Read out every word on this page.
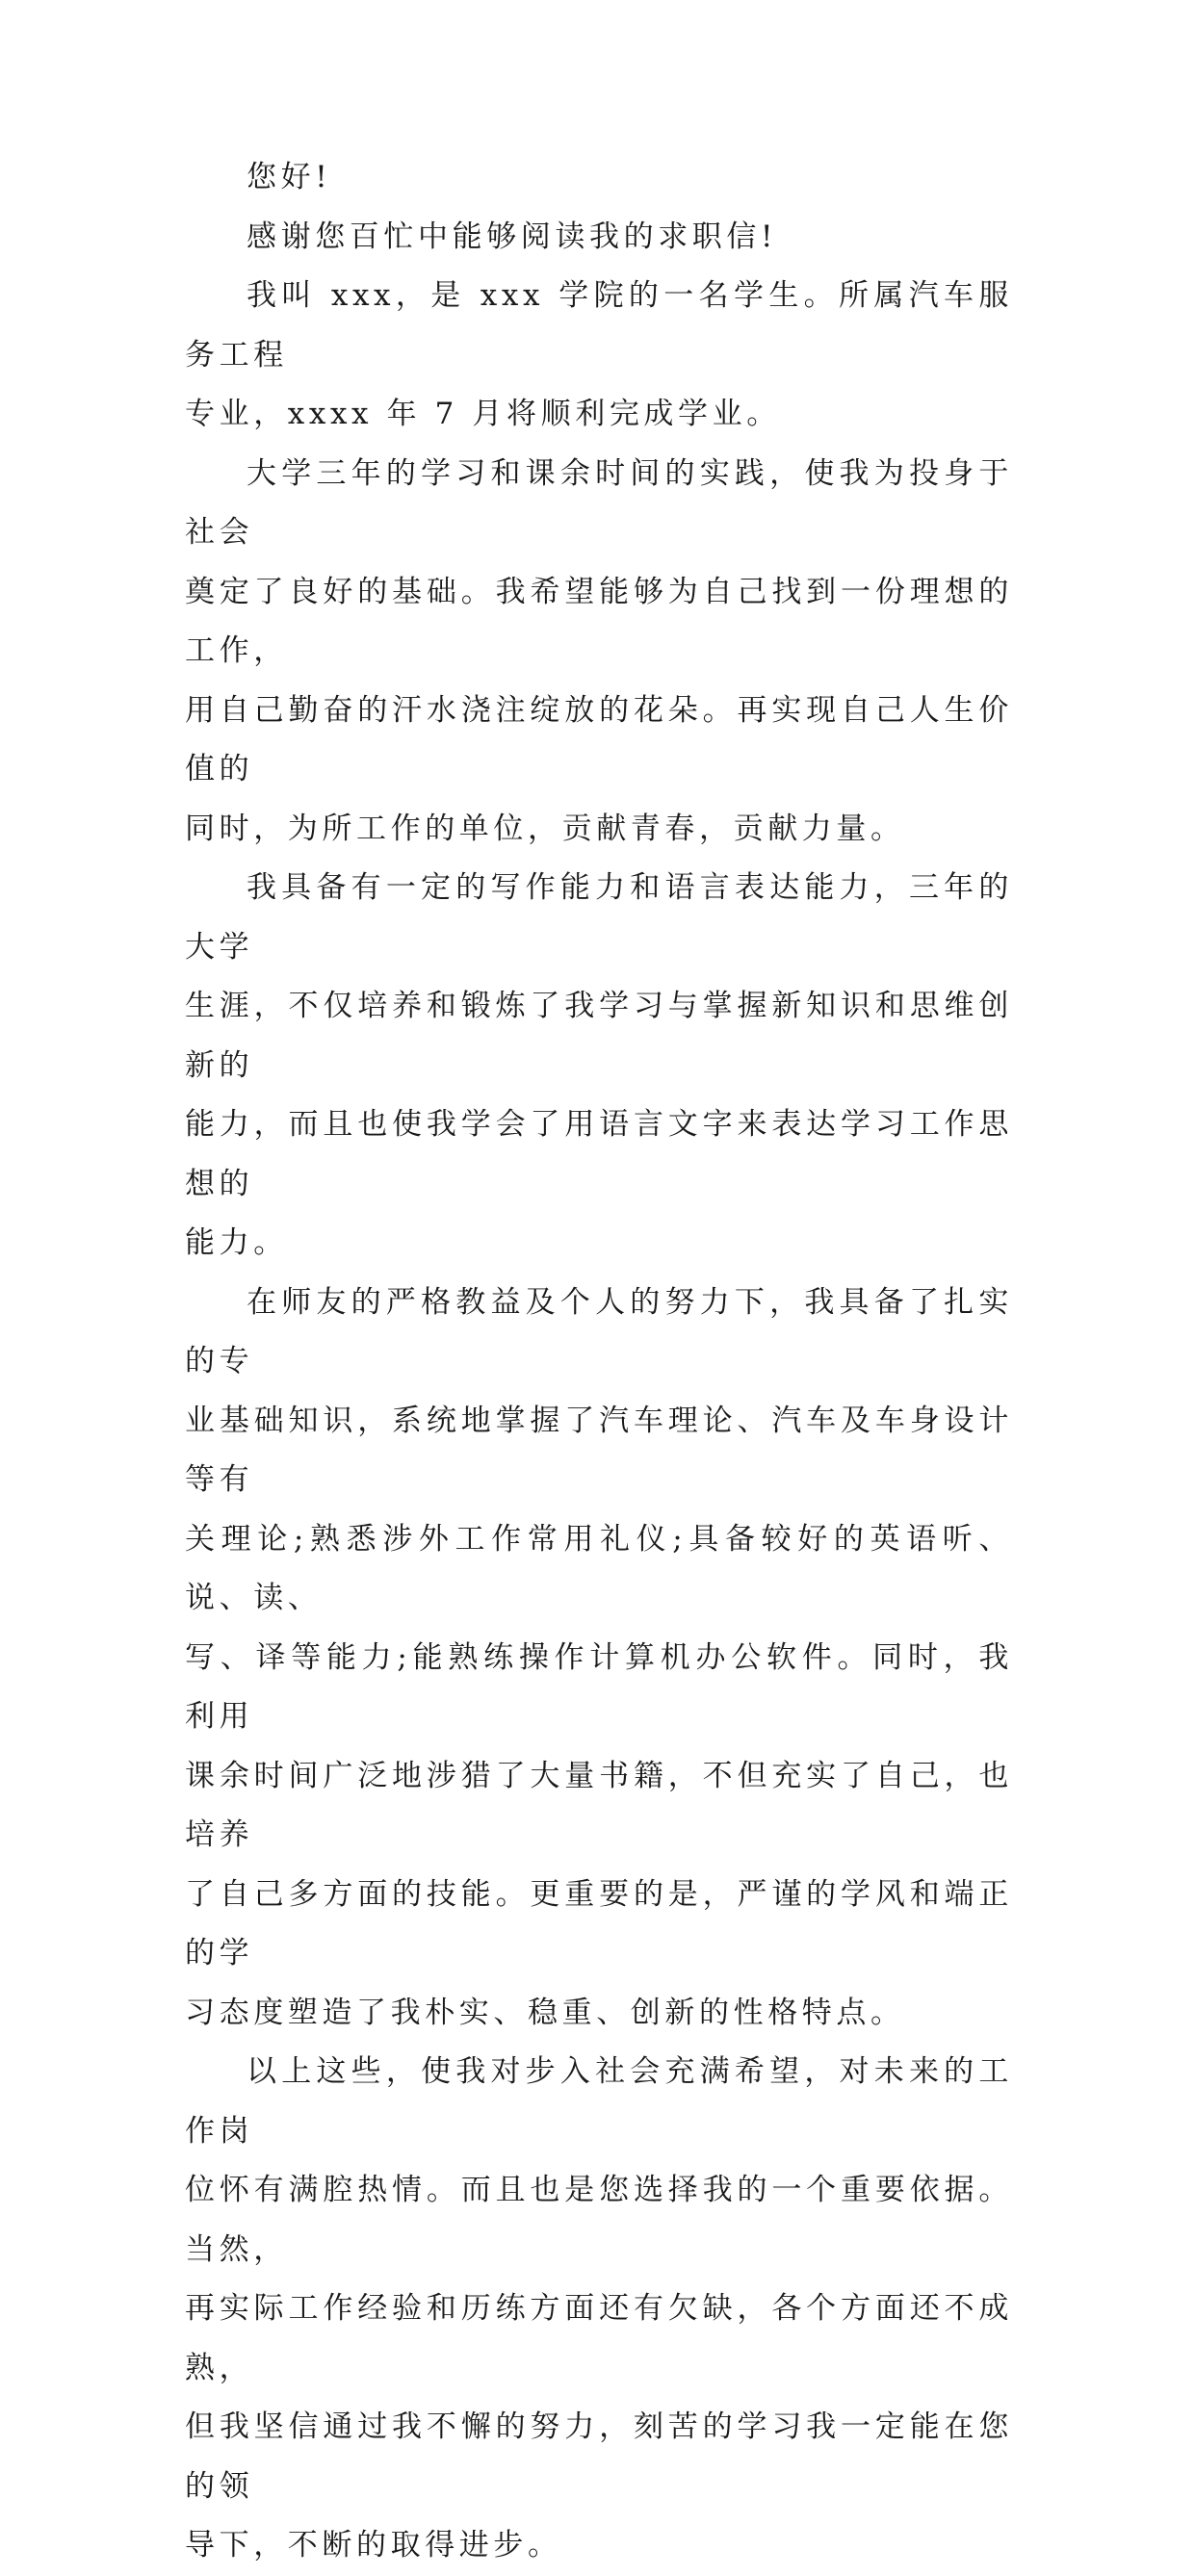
您好!

感谢您百忙中能够阅读我的求职信!

我叫 xxx，是 xxx 学院的一名学生。所属汽车服务工程
专业，xxxx 年 7 月将顺利完成学业。

大学三年的学习和课余时间的实践，使我为投身于社会
奠定了良好的基础。我希望能够为自己找到一份理想的工作，
用自己勤奋的汗水浇注绽放的花朵。再实现自己人生价值的
同时，为所工作的单位，贡献青春，贡献力量。

我具备有一定的写作能力和语言表达能力，三年的大学
生涯，不仅培养和锻炼了我学习与掌握新知识和思维创新的
能力，而且也使我学会了用语言文字来表达学习工作思想的
能力。

在师友的严格教益及个人的努力下，我具备了扎实的专
业基础知识，系统地掌握了汽车理论、汽车及车身设计等有
关理论;熟悉涉外工作常用礼仪;具备较好的英语听、说、读、
写、译等能力;能熟练操作计算机办公软件。同时，我利用
课余时间广泛地涉猎了大量书籍，不但充实了自己，也培养
了自己多方面的技能。更重要的是，严谨的学风和端正的学
习态度塑造了我朴实、稳重、创新的性格特点。

以上这些，使我对步入社会充满希望，对未来的工作岗
位怀有满腔热情。而且也是您选择我的一个重要依据。当然，
再实际工作经验和历练方面还有欠缺，各个方面还不成熟，
但我坚信通过我不懈的努力，刻苦的学习我一定能在您的领
导下，不断的取得进步。
